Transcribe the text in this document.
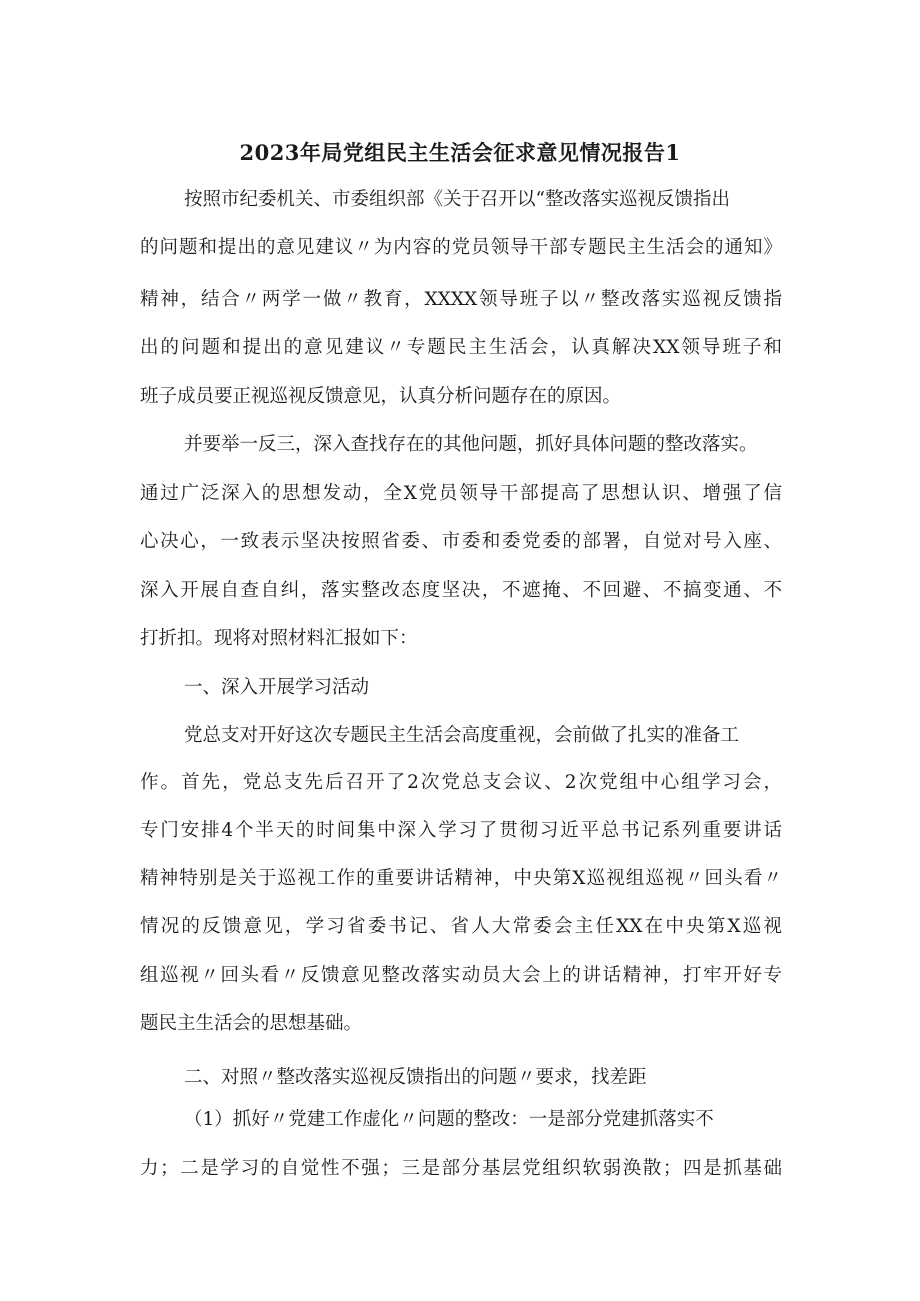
2023年局党组民主生活会征求意见情况报告1
按照市纪委机关、市委组织部《关于召开以“整改落实巡视反馈指出
的问题和提出的意见建议〃为内容的党员领导干部专题民主生活会的通知》
精神，结合〃两学一做〃教育，XXXX领导班子以〃整改落实巡视反馈指
出的问题和提出的意见建议〃专题民主生活会，认真解决XX领导班子和
班子成员要正视巡视反馈意见，认真分析问题存在的原因。
并要举一反三，深入查找存在的其他问题，抓好具体问题的整改落实。
通过广泛深入的思想发动，全X党员领导干部提高了思想认识、增强了信
心决心，一致表示坚决按照省委、市委和委党委的部署，自觉对号入座、
深入开展自查自纠，落实整改态度坚决，不遮掩、不回避、不搞变通、不
打折扣。现将对照材料汇报如下：
一、深入开展学习活动
党总支对开好这次专题民主生活会高度重视，会前做了扎实的准备工
作。首先，党总支先后召开了2次党总支会议、2次党组中心组学习会，
专门安排4个半天的时间集中深入学习了贯彻习近平总书记系列重要讲话
精神特别是关于巡视工作的重要讲话精神，中央第X巡视组巡视〃回头看〃
情况的反馈意见，学习省委书记、省人大常委会主任XX在中央第X巡视
组巡视〃回头看〃反馈意见整改落实动员大会上的讲话精神，打牢开好专
题民主生活会的思想基础。
二、对照〃整改落实巡视反馈指出的问题〃要求，找差距
（1）抓好〃党建工作虚化〃问题的整改：一是部分党建抓落实不
力；二是学习的自觉性不强；三是部分基层党组织软弱涣散；四是抓基础
